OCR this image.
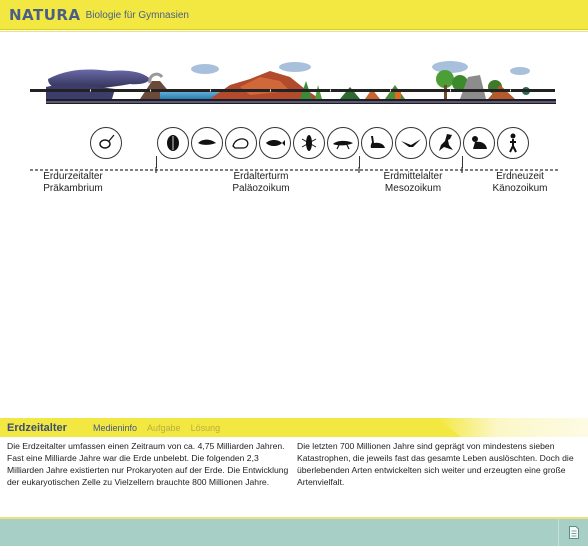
NATURA Biologie für Gymnasien
Erdurzeitalter
Präkambrium
Erdalterturm
Paläozoikum
Erdmittelalter
Mesozoikum
Erdneuzeit
Känozoikum
Erdzeitalter	Medieninfo	Aufgabe	Lösung

Die Erdzeitalter umfassen einen Zeitraum von ca. 4,75 Milliarden Jahren. Fast eine Milliarde Jahre war die Erde unbelebt. Die folgenden 2,3 Milliarden Jahre existierten nur Prokaryoten auf der Erde. Die Entwicklung der eukaryotischen Zelle zu Vielzellern brauchte 800 Millionen Jahre.

Die letzten 700 Millionen Jahre sind geprägt von mindestens sieben Katastrophen, die jeweils fast das gesamte Leben auslöschten. Doch die überlebenden Arten entwickelten sich weiter und erzeugten eine große Artenvielfalt.
